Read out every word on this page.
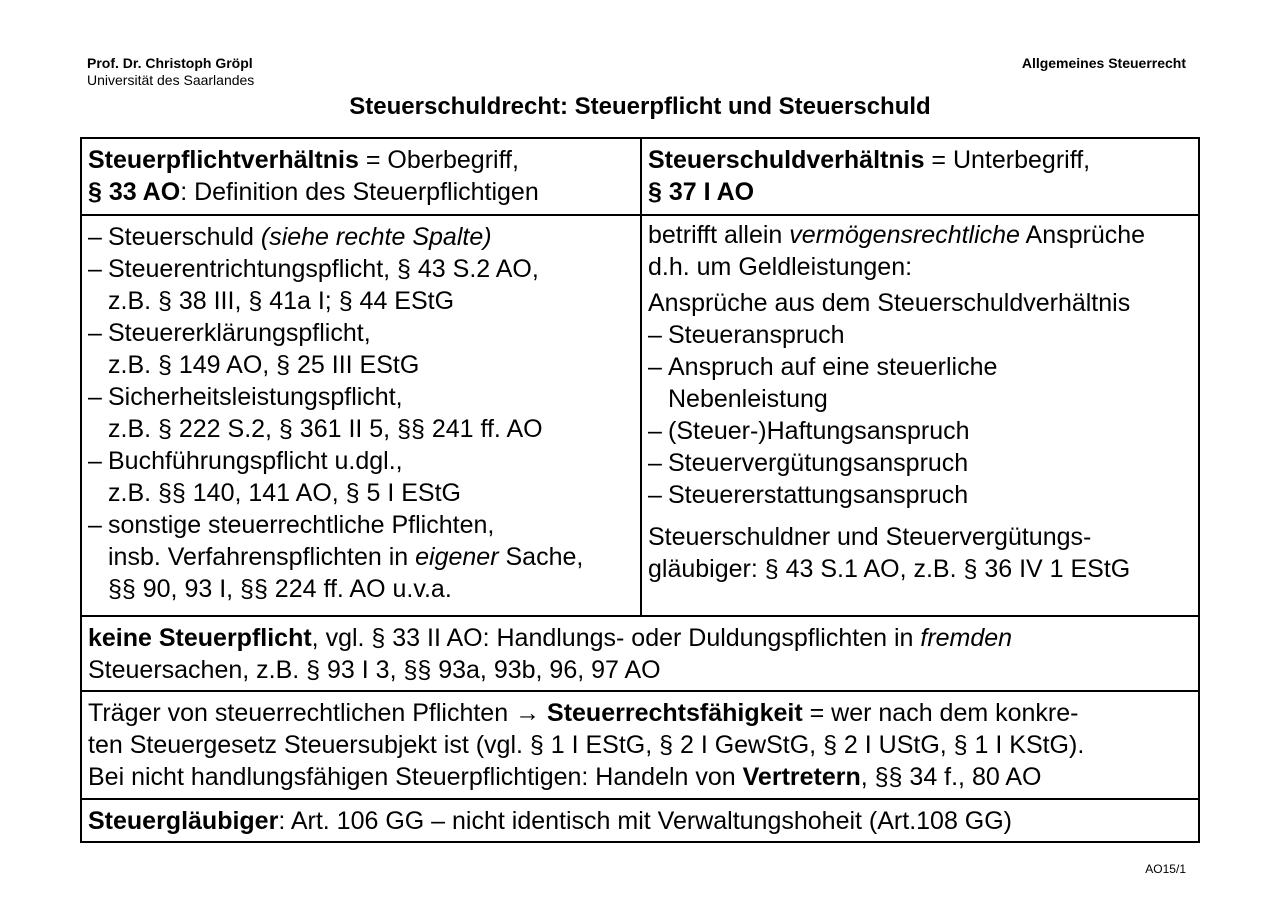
Prof. Dr. Christoph Gröpl
Universität des Saarlandes
Allgemeines Steuerrecht
Steuerschuldrecht: Steuerpflicht und Steuerschuld
Steuerpflichtverhältnis = Oberbegriff,
§ 33 AO: Definition des Steuerpflichtigen
Steuerschuldverhältnis = Unterbegriff,
§ 37 I AO
– Steuerschuld (siehe rechte Spalte)
– Steuerentrichtungspflicht, § 43 S.2 AO,
z.B. § 38 III, § 41a I; § 44 EStG
– Steuererklärungspflicht,
z.B. § 149 AO, § 25 III EStG
– Sicherheitsleistungspflicht,
z.B. § 222 S.2, § 361 II 5, §§ 241 ff. AO
– Buchführungspflicht u.dgl.,
z.B. §§ 140, 141 AO, § 5 I EStG
– sonstige steuerrechtliche Pflichten,
insb. Verfahrenspflichten in eigener Sache,
§§ 90, 93 I, §§ 224 ff. AO u.v.a.
betrifft allein vermögensrechtliche Ansprüche
d.h. um Geldleistungen:
Ansprüche aus dem Steuerschuldverhältnis
– Steueranspruch
– Anspruch auf eine steuerliche
Nebenleistung
– (Steuer-)Haftungsanspruch
– Steuervergütungsanspruch
– Steuererstattungsanspruch
Steuerschuldner und Steuervergütungs-
gläubiger: § 43 S.1 AO, z.B. § 36 IV 1 EStG
keine Steuerpflicht, vgl. § 33 II AO: Handlungs- oder Duldungspflichten in fremden
Steuersachen, z.B. § 93 I 3, §§ 93a, 93b, 96, 97 AO
Träger von steuerrechtlichen Pflichten → Steuerrechtsfähigkeit = wer nach dem konkre-
ten Steuergesetz Steuersubjekt ist (vgl. § 1 I EStG, § 2 I GewStG, § 2 I UStG, § 1 I KStG).
Bei nicht handlungsfähigen Steuerpflichtigen: Handeln von Vertretern, §§ 34 f., 80 AO
Steuergläubiger: Art. 106 GG – nicht identisch mit Verwaltungshoheit (Art.108 GG)
AO15/1
